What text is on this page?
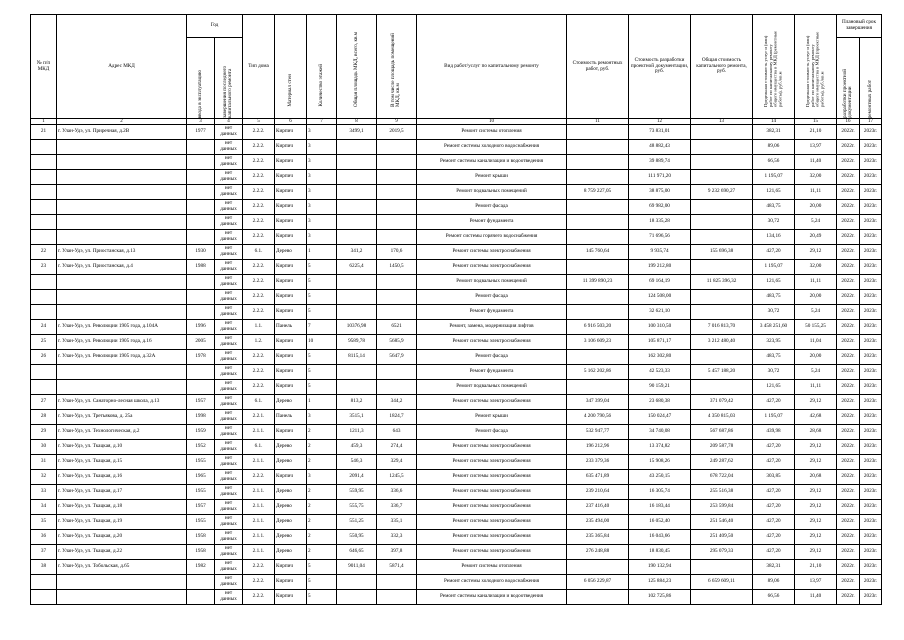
№ п/п МКД	Адрес МКД	Год		Тип дома	Материал стен	Количество этажей	Общая площадь МКД, всего, кв.м	В том числе площадь помещений МКД, кв.м	Вид работ/услуг по капитальному ремонту	Стоимость ремонтных работ, руб.	Стоимость разработки проектной документации, руб.	Общая стоимость капитального ремонта, руб.	Предельная стоимость услуг и (или) работ по капитальному ремонту общего имущества в МКД (ремонтные работы), руб./кв.м	Предельная стоимость услуг и (или) работ по капитальному ремонту общего имущества в МКД (проектные работы), руб./кв.м	Плановый срок завершения	

		ввода в эксплуатацию	завершения последнего капитального ремонта												разработки проектной документации	ремонтных работ

1	2	3	4	5	6	7	8	9	10	11	12	13	14	15	16	17
21	г. Улан-Удэ, ул. Приречная, д.2В	1977	нет данных	2.2.2.	Кирпич	3	3499,1	2019,5	Ремонт системы отопления		73 831,01		382,31	21,10	2022г.	2023г.
			нет данных	2.2.2.	Кирпич	3			Ремонт системы холодного водоснабжения		48 882,43		89,06	13,97	2022г.	2023г.
			нет данных	2.2.2.	Кирпич	3			Ремонт системы канализации и водоотведения		39 889,74		66,56	11,40	2022г.	2023г.
			нет данных	2.2.2.	Кирпич	3			Ремонт крыши		111 971,20		1 195,07	32,00	2022г.	2023г.
			нет данных	2.2.2.	Кирпич	3			Ремонт подвальных помещений	8 759 227,05	38 875,00	9 232 690,27	121,65	11,11	2022г.	2023г.
			нет данных	2.2.2.	Кирпич	3			Ремонт фасада		69 982,00		483,75	20,00	2022г.	2023г.
			нет данных	2.2.2.	Кирпич	3			Ремонт фундамента		18 335,28		30,72	5,24	2022г.	2023г.
			нет данных	2.2.2.	Кирпич	3			Ремонт системы горячего водоснабжения		71 696,56		134,16	20,49	2022г.	2023г.
22	г. Улан-Удэ, ул. Приостанская, д.13	1930	нет данных	6.1.	Дерево	1	341,2	170,6	Ремонт системы электроснабжения	145 760,64	9 935,74	155 696,38	427,20	29,12	2022г.	2023г.
23	г. Улан-Удэ, ул. Приостанская, д.4	1988	нет данных	2.2.2.	Кирпич	5	6225,4	1450,5	Ремонт системы электроснабжения		199 212,80		1 195,07	32,00	2022г.	2023г.
			нет данных	2.2.2.	Кирпич	5			Ремонт подвальных помещений	11 399 890,23	69 164,19	11 825 396,32	121,65	11,11	2022г.	2023г.
			нет данных	2.2.2.	Кирпич	5			Ремонт фасада		124 508,00		483,75	20,00	2022г.	2023г.
			нет данных	2.2.2.	Кирпич	5			Ремонт фундамента		32 621,10		30,72	5,24	2022г.	2023г.
24	г. Улан-Удэ, ул. Революции 1905 года, д.104А	1996	нет данных	1.1.	Панель	7	10376,98	6521	Ремонт, замена, модернизация лифтов	6 916 503,20	100 310,50	7 016 813,70	3 458 251,60	50 155,25	2022г.	2023г.
25	г. Улан-Удэ, ул. Революции 1905 года, д.16	2005	нет данных	1.2.	Кирпич	10	9589,78	5685,9	Ремонт системы электроснабжения	3 106 609,23	105 871,17	3 212 480,40	323,95	11,04	2022г.	2023г.
26	г. Улан-Удэ, ул. Революции 1905 года, д.32А	1978	нет данных	2.2.2.	Кирпич	5	8115,14	5647,9	Ремонт фасада		162 302,80		483,75	20,00	2022г.	2023г.
			нет данных	2.2.2.	Кирпич	5			Ремонт фундамента	5 162 202,86	42 523,33	5 457 188,20	30,72	5,24	2022г.	2023г.
			нет данных	2.2.2.	Кирпич	5			Ремонт подвальных помещений		90 159,21		121,65	11,11	2022г.	2023г.
27	г. Улан-Удэ, ул. Санаторно-лесная школа, д.13	1957	нет данных	6.1.	Дерево	1	813,2	344,2	Ремонт системы электроснабжения	347 399,04	23 680,38	371 079,42	427,20	29,12	2022г.	2023г.
28	г. Улан-Удэ, ул. Третьякова, д. 25а	1998	нет данных	2.2.1.	Панель	3	3515,1	1824,7	Ремонт крыши	4 200 790,56	150 024,47	4 350 815,03	1 195,07	42,68	2022г.	2023г.
29	г. Улан-Удэ, ул. Технологическая, д.2	1959	нет данных	2.1.1.	Кирпич	2	1211,3	643	Ремонт фасада	532 947,77	34 740,08	567 687,86	439,98	28,68	2022г.	2023г.
30	г. Улан-Удэ, ул. Ткацкая, д.10	1952	нет данных	6.1.	Дерево	2	459,3	274,4	Ремонт системы электроснабжения	196 212,96	13 374,82	209 587,78	427,20	29,12	2022г.	2023г.
31	г. Улан-Удэ, ул. Ткацкая, д.15	1955	нет данных	2.1.1.	Дерево	2	546,3	329,4	Ремонт системы электроснабжения	233 379,36	15 908,26	249 287,62	427,20	29,12	2022г.	2023г.
32	г. Улан-Удэ, ул. Ткацкая, д.16	1965	нет данных	2.2.2.	Кирпич	3	2091,4	1245,5	Ремонт системы электроснабжения	635 471,89	43 250,15	678 722,04	303,85	20,68	2022г.	2023г.
33	г. Улан-Удэ, ул. Ткацкая, д.17	1955	нет данных	2.1.1.	Дерево	2	559,95	336,6	Ремонт системы электроснабжения	239 210,64	16 305,74	255 516,38	427,20	29,12	2022г.	2023г.
34	г. Улан-Удэ, ул. Ткацкая, д.18	1957	нет данных	2.1.1.	Дерево	2	555,75	336,7	Ремонт системы электроснабжения	237 416,40	16 183,44	253 599,84	427,20	29,12	2022г.	2023г.
35	г. Улан-Удэ, ул. Ткацкая, д.19	1955	нет данных	2.1.1.	Дерево	2	551,25	335,1	Ремонт системы электроснабжения	235 494,00	16 052,40	251 546,40	427,20	29,12	2022г.	2023г.
36	г. Улан-Удэ, ул. Ткацкая, д.20	1958	нет данных	2.1.1.	Дерево	2	550,95	332,3	Ремонт системы электроснабжения	235 365,84	16 043,66	251 409,50	427,20	29,12	2022г.	2023г.
37	г. Улан-Удэ, ул. Ткацкая, д.22	1958	нет данных	2.1.1.	Дерево	2	646,65	397,8	Ремонт системы электроснабжения	276 248,88	18 830,45	295 079,33	427,20	29,12	2022г.	2023г.
38	г. Улан-Удэ, ул. Тобольская, д.65	1982	нет данных	2.2.2.	Кирпич	5	9011,04	5871,4	Ремонт системы отопления		190 132,94		382,31	21,10	2022г.	2023г.
			нет данных	2.2.2.	Кирпич	5			Ремонт системы холодного водоснабжения	6 056 229,87	125 884,23	6 659 609,11	89,06	13,97	2022г.	2023г.
			нет данных	2.2.2.	Кирпич	5			Ремонт системы канализации и водоотведения		102 725,86		66,56	11,40	2022г.	2023г.
